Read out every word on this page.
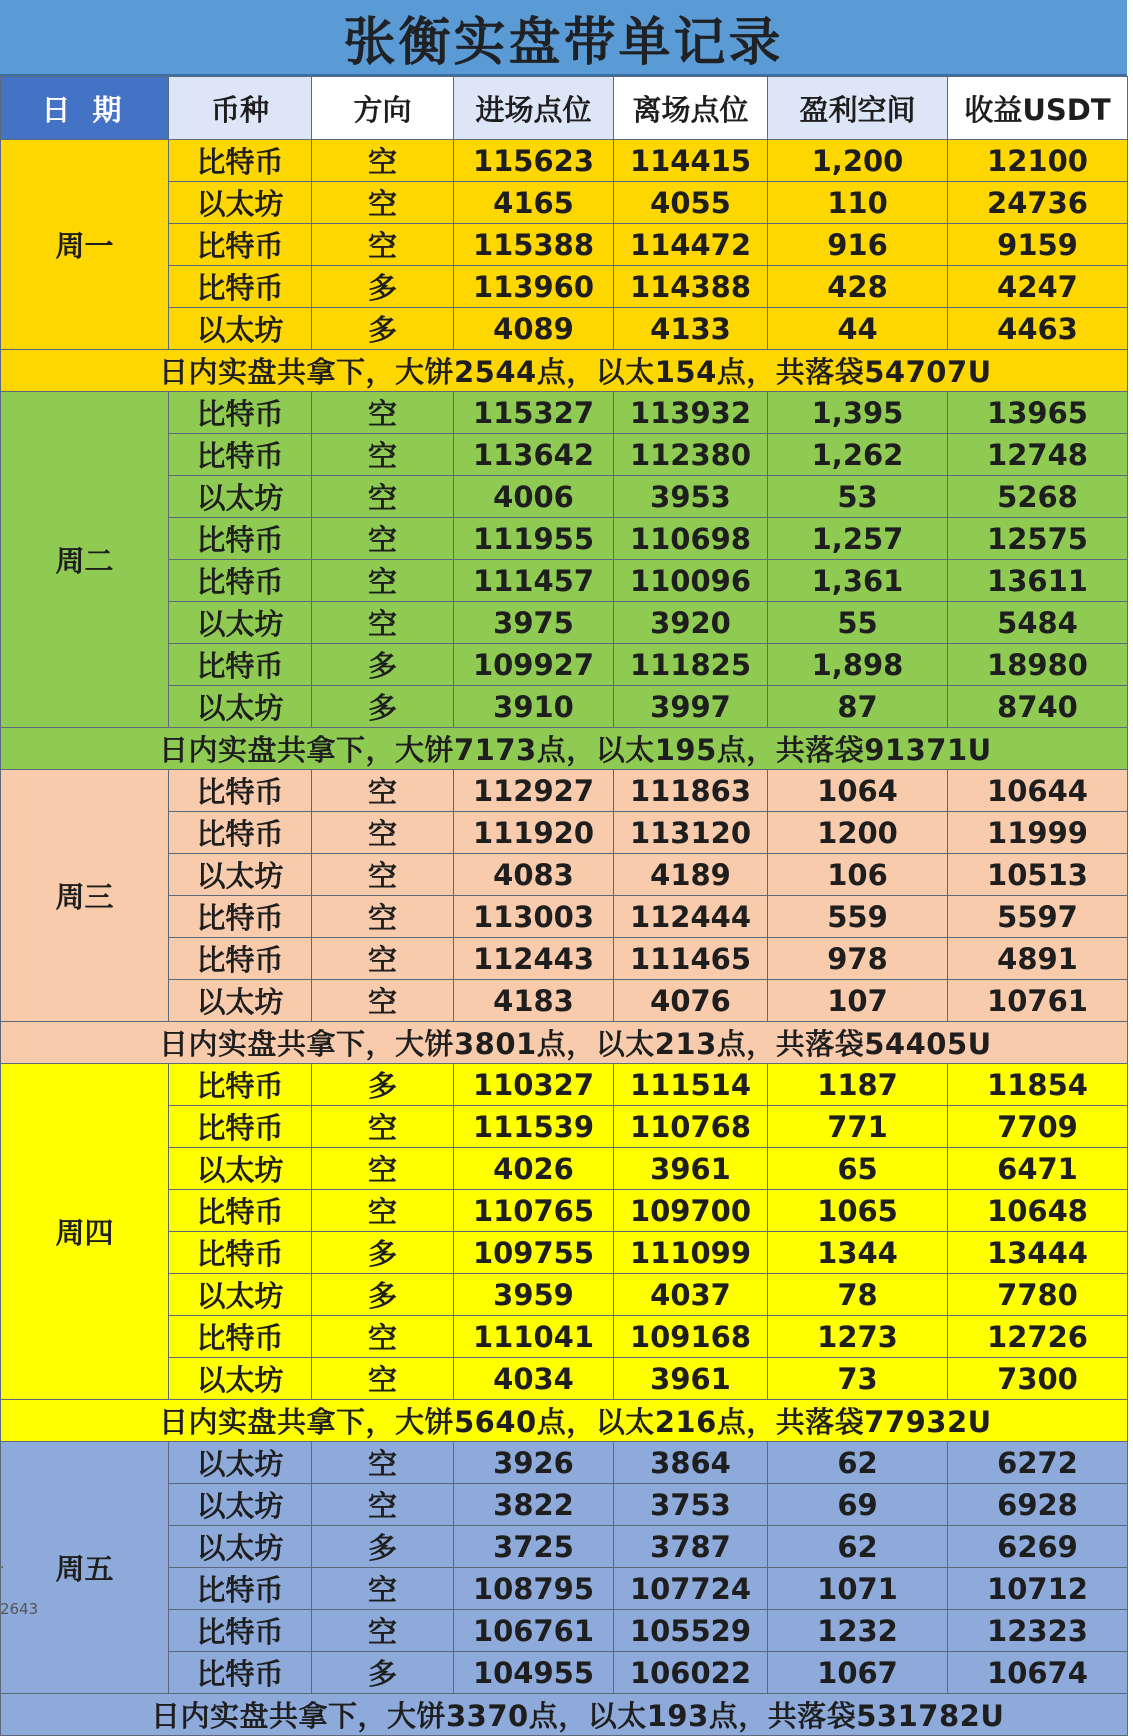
张衡实盘带单记录
日 期	币种	方向	进场点位	离场点位	盈利空间	收益USDT
周一	比特币	空	115623	114415	1,200	12100
	以太坊	空	4165	4055	110	24736
	比特币	空	115388	114472	916	9159
	比特币	多	113960	114388	428	4247
	以太坊	多	4089	4133	44	4463
日内实盘共拿下，大饼2544点，以太154点，共落袋54707U						
周二	比特币	空	115327	113932	1,395	13965
	比特币	空	113642	112380	1,262	12748
	以太坊	空	4006	3953	53	5268
	比特币	空	111955	110698	1,257	12575
	比特币	空	111457	110096	1,361	13611
	以太坊	空	3975	3920	55	5484
	比特币	多	109927	111825	1,898	18980
	以太坊	多	3910	3997	87	8740
日内实盘共拿下，大饼7173点，以太195点，共落袋91371U						
周三	比特币	空	112927	111863	1064	10644
	比特币	空	111920	113120	1200	11999
	以太坊	空	4083	4189	106	10513
	比特币	空	113003	112444	559	5597
	比特币	空	112443	111465	978	4891
	以太坊	空	4183	4076	107	10761
日内实盘共拿下，大饼3801点，以太213点，共落袋54405U						
周四	比特币	多	110327	111514	1187	11854
	比特币	空	111539	110768	771	7709
	以太坊	空	4026	3961	65	6471
	比特币	空	110765	109700	1065	10648
	比特币	多	109755	111099	1344	13444
	以太坊	多	3959	4037	78	7780
	比特币	空	111041	109168	1273	12726
	以太坊	空	4034	3961	73	7300
日内实盘共拿下，大饼5640点，以太216点，共落袋77932U						
周五	以太坊	空	3926	3864	62	6272
	以太坊	空	3822	3753	69	6928
	以太坊	多	3725	3787	62	6269
	比特币	空	108795	107724	1071	10712
	比特币	空	106761	105529	1232	12323
	比特币	多	104955	106022	1067	10674
日内实盘共拿下，大饼3370点，以太193点，共落袋531782U						
·
2643
